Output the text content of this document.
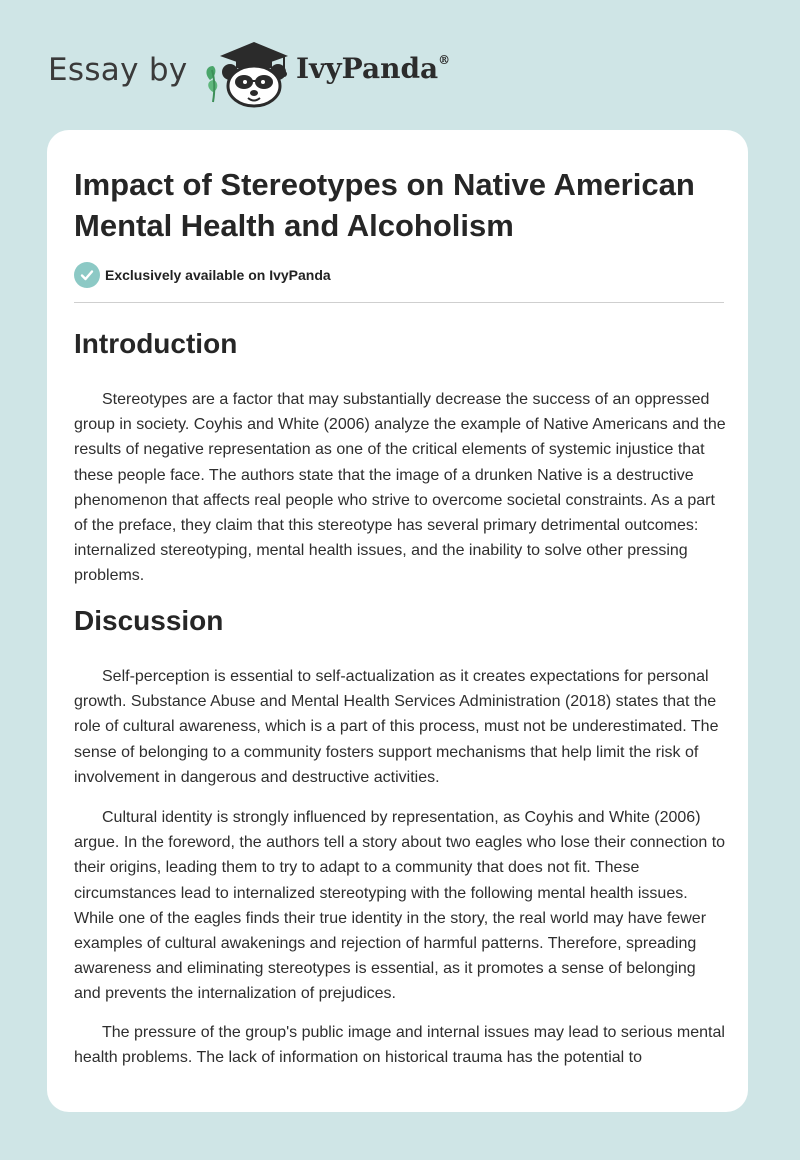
Essay by	IvyPanda®
Impact of Stereotypes on Native American Mental Health and Alcoholism
Exclusively available on IvyPanda
Introduction

Stereotypes are a factor that may substantially decrease the success of an oppressed group in society. Coyhis and White (2006) analyze the example of Native Americans and the results of negative representation as one of the critical elements of systemic injustice that these people face. The authors state that the image of a drunken Native is a destructive phenomenon that affects real people who strive to overcome societal constraints. As a part of the preface, they claim that this stereotype has several primary detrimental outcomes: internalized stereotyping, mental health issues, and the inability to solve other pressing problems.

Discussion

Self-perception is essential to self-actualization as it creates expectations for personal growth. Substance Abuse and Mental Health Services Administration (2018) states that the role of cultural awareness, which is a part of this process, must not be underestimated. The sense of belonging to a community fosters support mechanisms that help limit the risk of involvement in dangerous and destructive activities.

Cultural identity is strongly influenced by representation, as Coyhis and White (2006) argue. In the foreword, the authors tell a story about two eagles who lose their connection to their origins, leading them to try to adapt to a community that does not fit. These circumstances lead to internalized stereotyping with the following mental health issues. While one of the eagles finds their true identity in the story, the real world may have fewer examples of cultural awakenings and rejection of harmful patterns. Therefore, spreading awareness and eliminating stereotypes is essential, as it promotes a sense of belonging and prevents the internalization of prejudices.

The pressure of the group's public image and internal issues may lead to serious mental health problems. The lack of information on historical trauma has the potential to
